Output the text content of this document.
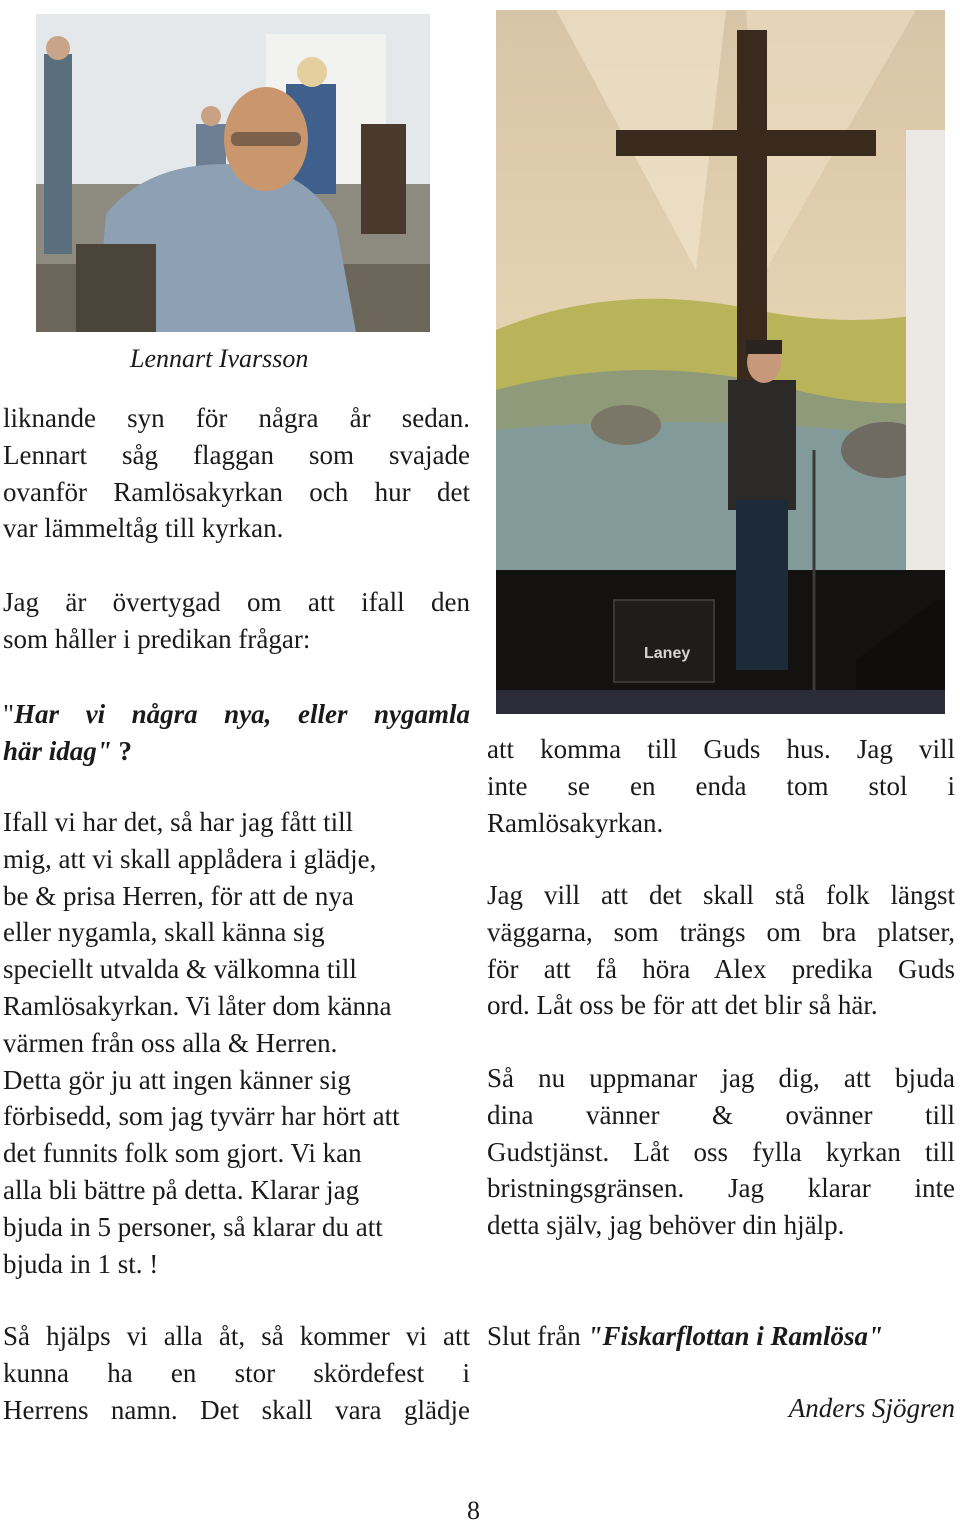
Lennart Ivarsson
Laney

liknande syn för några år sedan.

Lennart såg flaggan som svajade

ovanför Ramlösakyrkan och hur det

var lämmeltåg till kyrkan.

Jag är övertygad om att ifall den

som håller i predikan frågar:

"Har vi några nya, eller nygamla

här idag" ?

Ifall vi har det, så har jag fått till

mig, att vi skall applådera i glädje,

be & prisa Herren, för att de nya

eller nygamla, skall känna sig

speciellt utvalda & välkomna till

Ramlösakyrkan. Vi låter dom känna

värmen från oss alla & Herren.

Detta gör ju att ingen känner sig

förbisedd, som jag tyvärr har hört att

det funnits folk som gjort. Vi kan

alla bli bättre på detta. Klarar jag

bjuda in 5 personer, så klarar du att

bjuda in 1 st. !

Så hjälps vi alla åt, så kommer vi att

kunna ha en stor skördefest i

Herrens namn. Det skall vara glädje

att komma till Guds hus. Jag vill

inte se en enda tom stol i

Ramlösakyrkan.

Jag vill att det skall stå folk längst

väggarna, som trängs om bra platser,

för att få höra Alex predika Guds

ord. Låt oss be för att det blir så här.

Så nu uppmanar jag dig, att bjuda

dina vänner & ovänner till

Gudstjänst. Låt oss fylla kyrkan till

bristningsgränsen. Jag klarar inte

detta själv, jag behöver din hjälp.

Slut från "Fiskarflottan i Ramlösa"

Anders Sjögren

8
